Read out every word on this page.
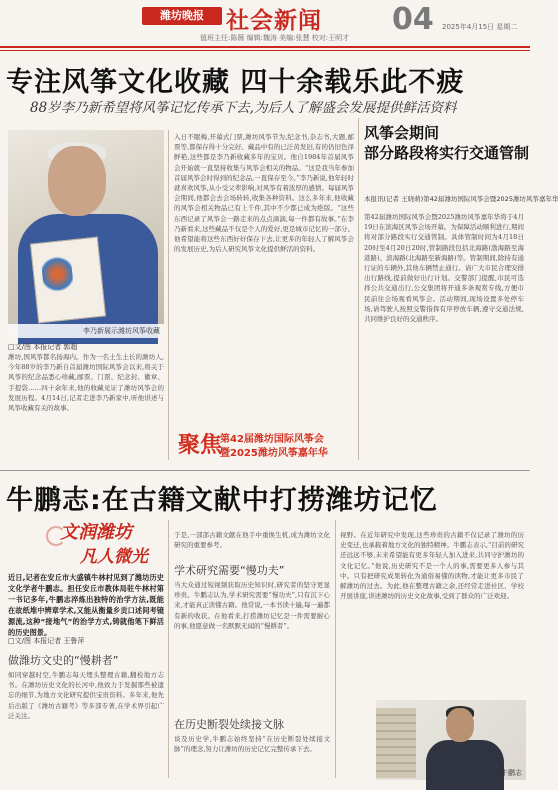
潍坊晚报 社会新闻 04 2025年4月15日 星期二
值班主任:陈薇 编辑:魏涛 美编:张慧 校对:王明才
专注风筝文化收藏 四十余载乐此不疲
88岁李乃新希望将风筝记忆传承下去,为后人了解盛会发展提供鲜活资料
李乃新展示潍坊风筝收藏
□文/图 本报记者 郭超
潍坊,国风筝都名扬海内。作为一名土生土长的潍坊人,今年88岁的李乃新自首届潍坊国际风筝会以来,将关于风筝的纪念品悉心珍藏,邮票、门票、纪念封、徽章、手提袋……四十余年来,他的收藏见证了潍坊风筝会的发展历程。4月14日,记者走进李乃新家中,听他讲述与风筝收藏有关的故事。
入日不眠梅,开幕式门票,潍坊风筝节为,纪念书,杂志书,大题,邮票等,都保存得十分完好。藏品中有的已泛黄发旧,有的仍旧色泽鲜艳,这些都是李乃新收藏多年的宝贝。他自1984年首届风筝会开始就一直坚持收集与风筝会相关的物品。“这是我当年参加首届风筝会时得到的纪念品,一直保存至今。”李乃新说,他年轻时就喜欢风筝,从小受父辈影响,对风筝有着浓厚的感情。每届风筝会期间,他都会去会场转转,收集各种资料。这么多年来,他收藏的风筝会相关物品已有上千件,其中不少都已成为绝版。“这些东西记录了风筝会一路走来的点点滴滴,每一件都有故事。”在李乃新看来,这些藏品不仅是个人的爱好,更是城市记忆的一部分。他希望能将这些东西好好保存下去,让更多的年轻人了解风筝会的发展历史,为后人研究风筝文化提供鲜活的资料。
风筝会期间
部分路段将实行交通管制
本报讯(记者 王晓萌)第42届潍坊国际风筝会暨2025潍坊风筝嘉年华
第42届潍坊国际风筝会暨2025潍坊风筝嘉年华将于4月19日在滨海区风筝会场开幕。为保障活动顺利进行,期间将对部分路段实行交通管制。具体管制时间为4月18日20时至4月20日20时,管制路段包括北海路(渤海路至海港路)、滨海路(北海路至新海路)等。管制期间,除持有通行证的车辆外,其他车辆禁止通行。请广大市民合理安排出行路线,提前做好出行计划。交警部门提醒,市民可选择公共交通出行,公交集团将开通多条观赏专线,方便市民前往会场观看风筝会。活动期间,现场设置多处停车场,请驾驶人按照交警指挥有序停放车辆,遵守交通法规,共同维护良好的交通秩序。
聚焦
第42届潍坊国际风筝会
暨2025潍坊风筝嘉年华
牛鹏志:在古籍文献中打捞潍坊记忆
文润潍坊
凡人微光
近日,记者在安丘市大盛镇牛林村见到了潍坊历史文化学者牛鹏志。担任安丘市教体局驻牛林村第一书记多年,牛鹏志淬炼出独特的治学方法,既能在故纸堆中辨章学术,又能从衡量乡贡口述间考镜源流,这种“接地气”的治学方式,铸就他笔下鲜活的历史图景。
□文/图 本报记者 王鲁萍
做潍坊文史的“慢耕者”
如同穿越时空,牛鹏志每天埋头整理古籍,翻检地方志书。在潍坊历史文化的长河中,他致力于发掘那些被遗忘的细节,为地方文化研究提供宝贵资料。多年来,他先后出版了《潍坊古籍考》等多部专著,在学术界引起广泛关注。
于是,一部部古籍文献在他手中重焕生机,成为潍坊文化研究的重要参考。
学术研究需要“慢功夫”
当大众通过短视频获取历史知识时,研究者的坚守更显珍贵。牛鹏志认为,学术研究需要“慢功夫”,只有沉下心来,才能真正读懂古籍。他常说,一本书读十遍,每一遍都有新的收获。在他看来,打捞潍坊记忆是一件需要耐心的事,他愿意做一名默默无闻的“慢耕者”。
在历史断裂处续接文脉
谈及历史学,牛鹏志始终坚持“在历史断裂处续接文脉”的理念,努力让潍坊的历史记忆完整传承下去。
视野。在近年研究中发现,这些珍贵的古籍不仅记录了潍坊的历史变迁,也承载着地方文化的独特精神。牛鹏志表示,“目前的研究还远远不够,未来希望能有更多年轻人加入进来,共同守护潍坊的文化记忆。”他说,历史研究不是一个人的事,需要更多人参与其中。只有把研究成果转化为通俗易懂的读物,才能让更多市民了解潍坊的过去。为此,他在整理古籍之余,还经常走进社区、学校开展讲座,讲述潍坊的历史文化故事,受到了群众的广泛欢迎。
牛鹏志
